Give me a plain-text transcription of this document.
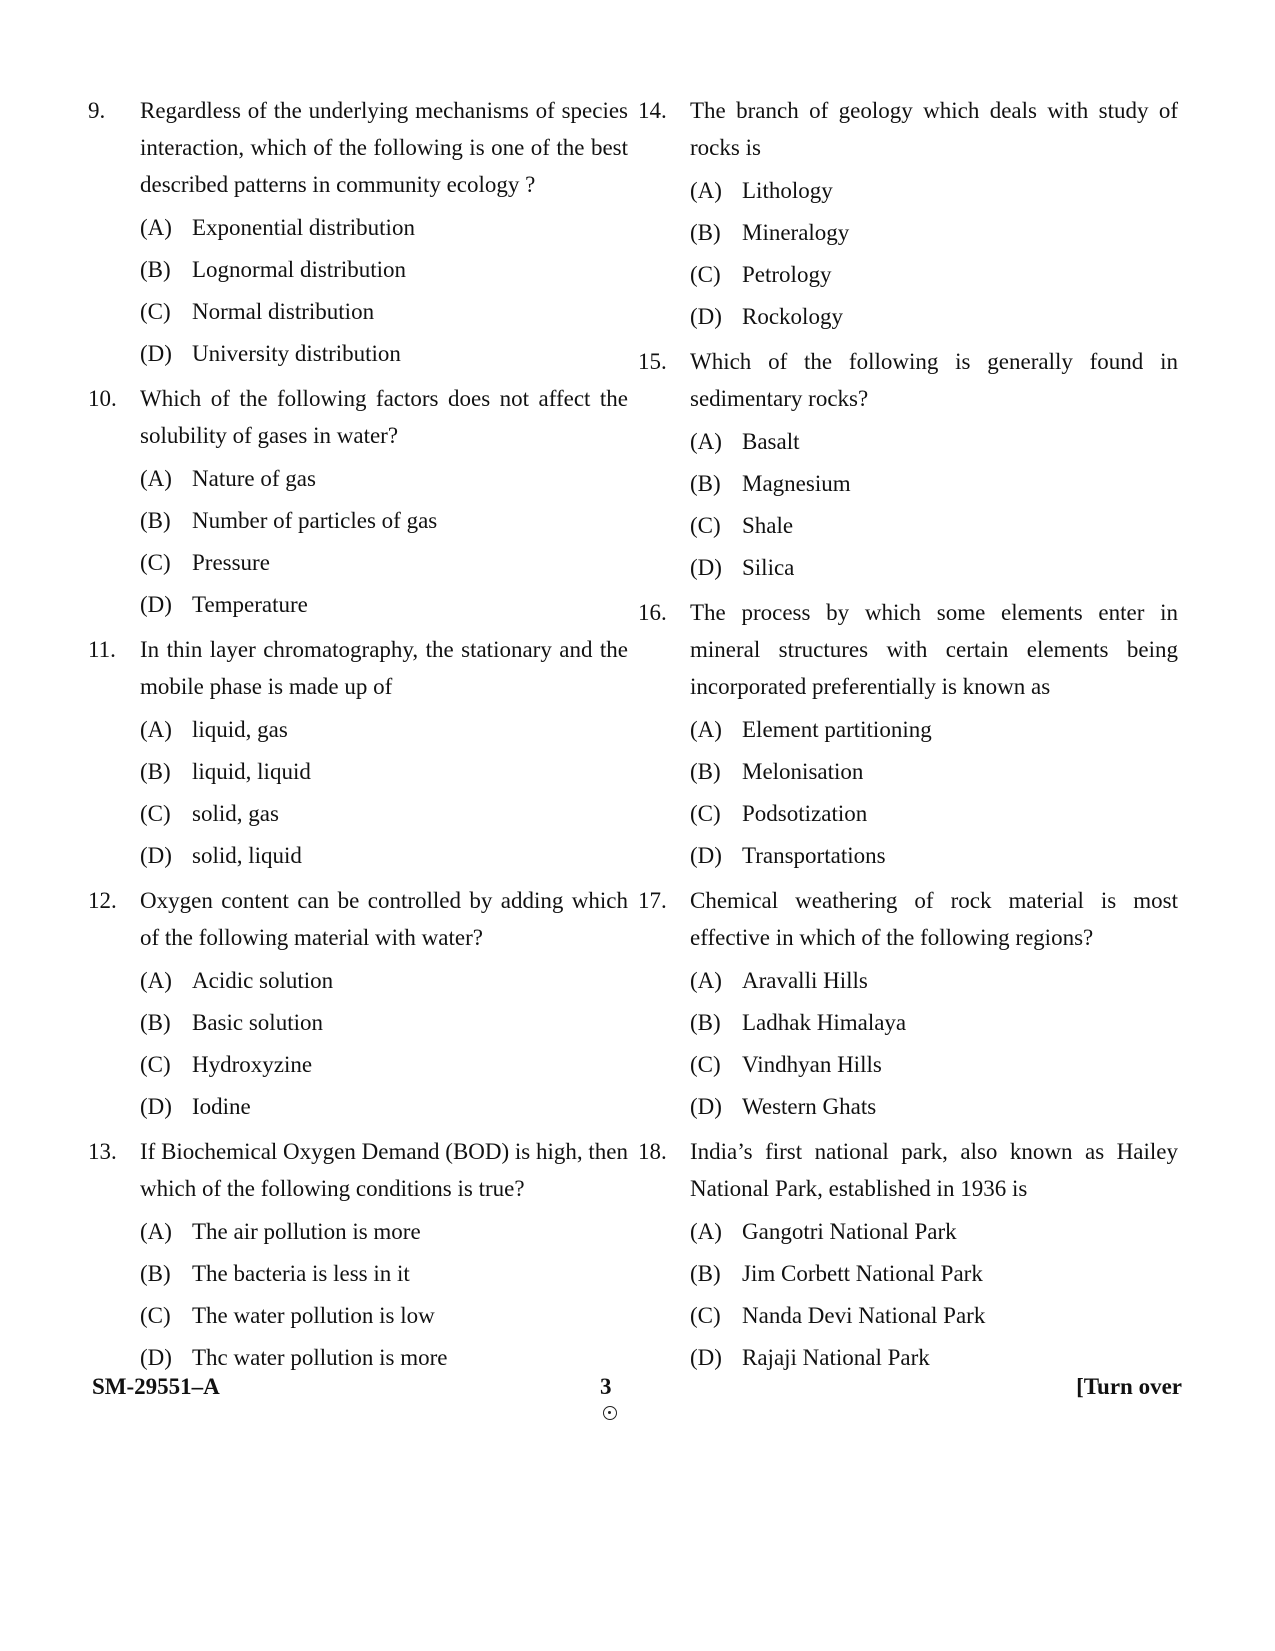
9.	Regardless of the underlying mechanisms of species interaction, which of the following is one of the best described patterns in community ecology ?
(A) Exponential distribution
(B) Lognormal distribution
(C) Normal distribution
(D) University distribution
10.	Which of the following factors does not affect the solubility of gases in water?
(A) Nature of gas
(B) Number of particles of gas
(C) Pressure
(D) Temperature
11.	In thin layer chromatography, the stationary and the mobile phase is made up of
(A) liquid, gas
(B) liquid, liquid
(C) solid, gas
(D) solid, liquid
12.	Oxygen content can be controlled by adding which of the following material with water?
(A) Acidic solution
(B) Basic solution
(C) Hydroxyzine
(D) Iodine
13.	If Biochemical Oxygen Demand (BOD) is high, then which of the following conditions is true?
(A) The air pollution is more
(B) The bacteria is less in it
(C) The water pollution is low
(D) Thc water pollution is more
14.	The branch of geology which deals with study of rocks is
(A) Lithology
(B) Mineralogy
(C) Petrology
(D) Rockology
15.	Which of the following is generally found in sedimentary rocks?
(A) Basalt
(B) Magnesium
(C) Shale
(D) Silica
16.	The process by which some elements enter in mineral structures with certain elements being incorporated preferentially is known as
(A) Element partitioning
(B) Melonisation
(C) Podsotization
(D) Transportations
17.	Chemical weathering of rock material is most effective in which of the following regions?
(A) Aravalli Hills
(B) Ladhak Himalaya
(C) Vindhyan Hills
(D) Western Ghats
18.	India’s first national park, also known as Hailey National Park, established in 1936 is
(A) Gangotri National Park
(B) Jim Corbett National Park
(C) Nanda Devi National Park
(D) Rajaji National Park
SM-29551–A	3	[Turn over
